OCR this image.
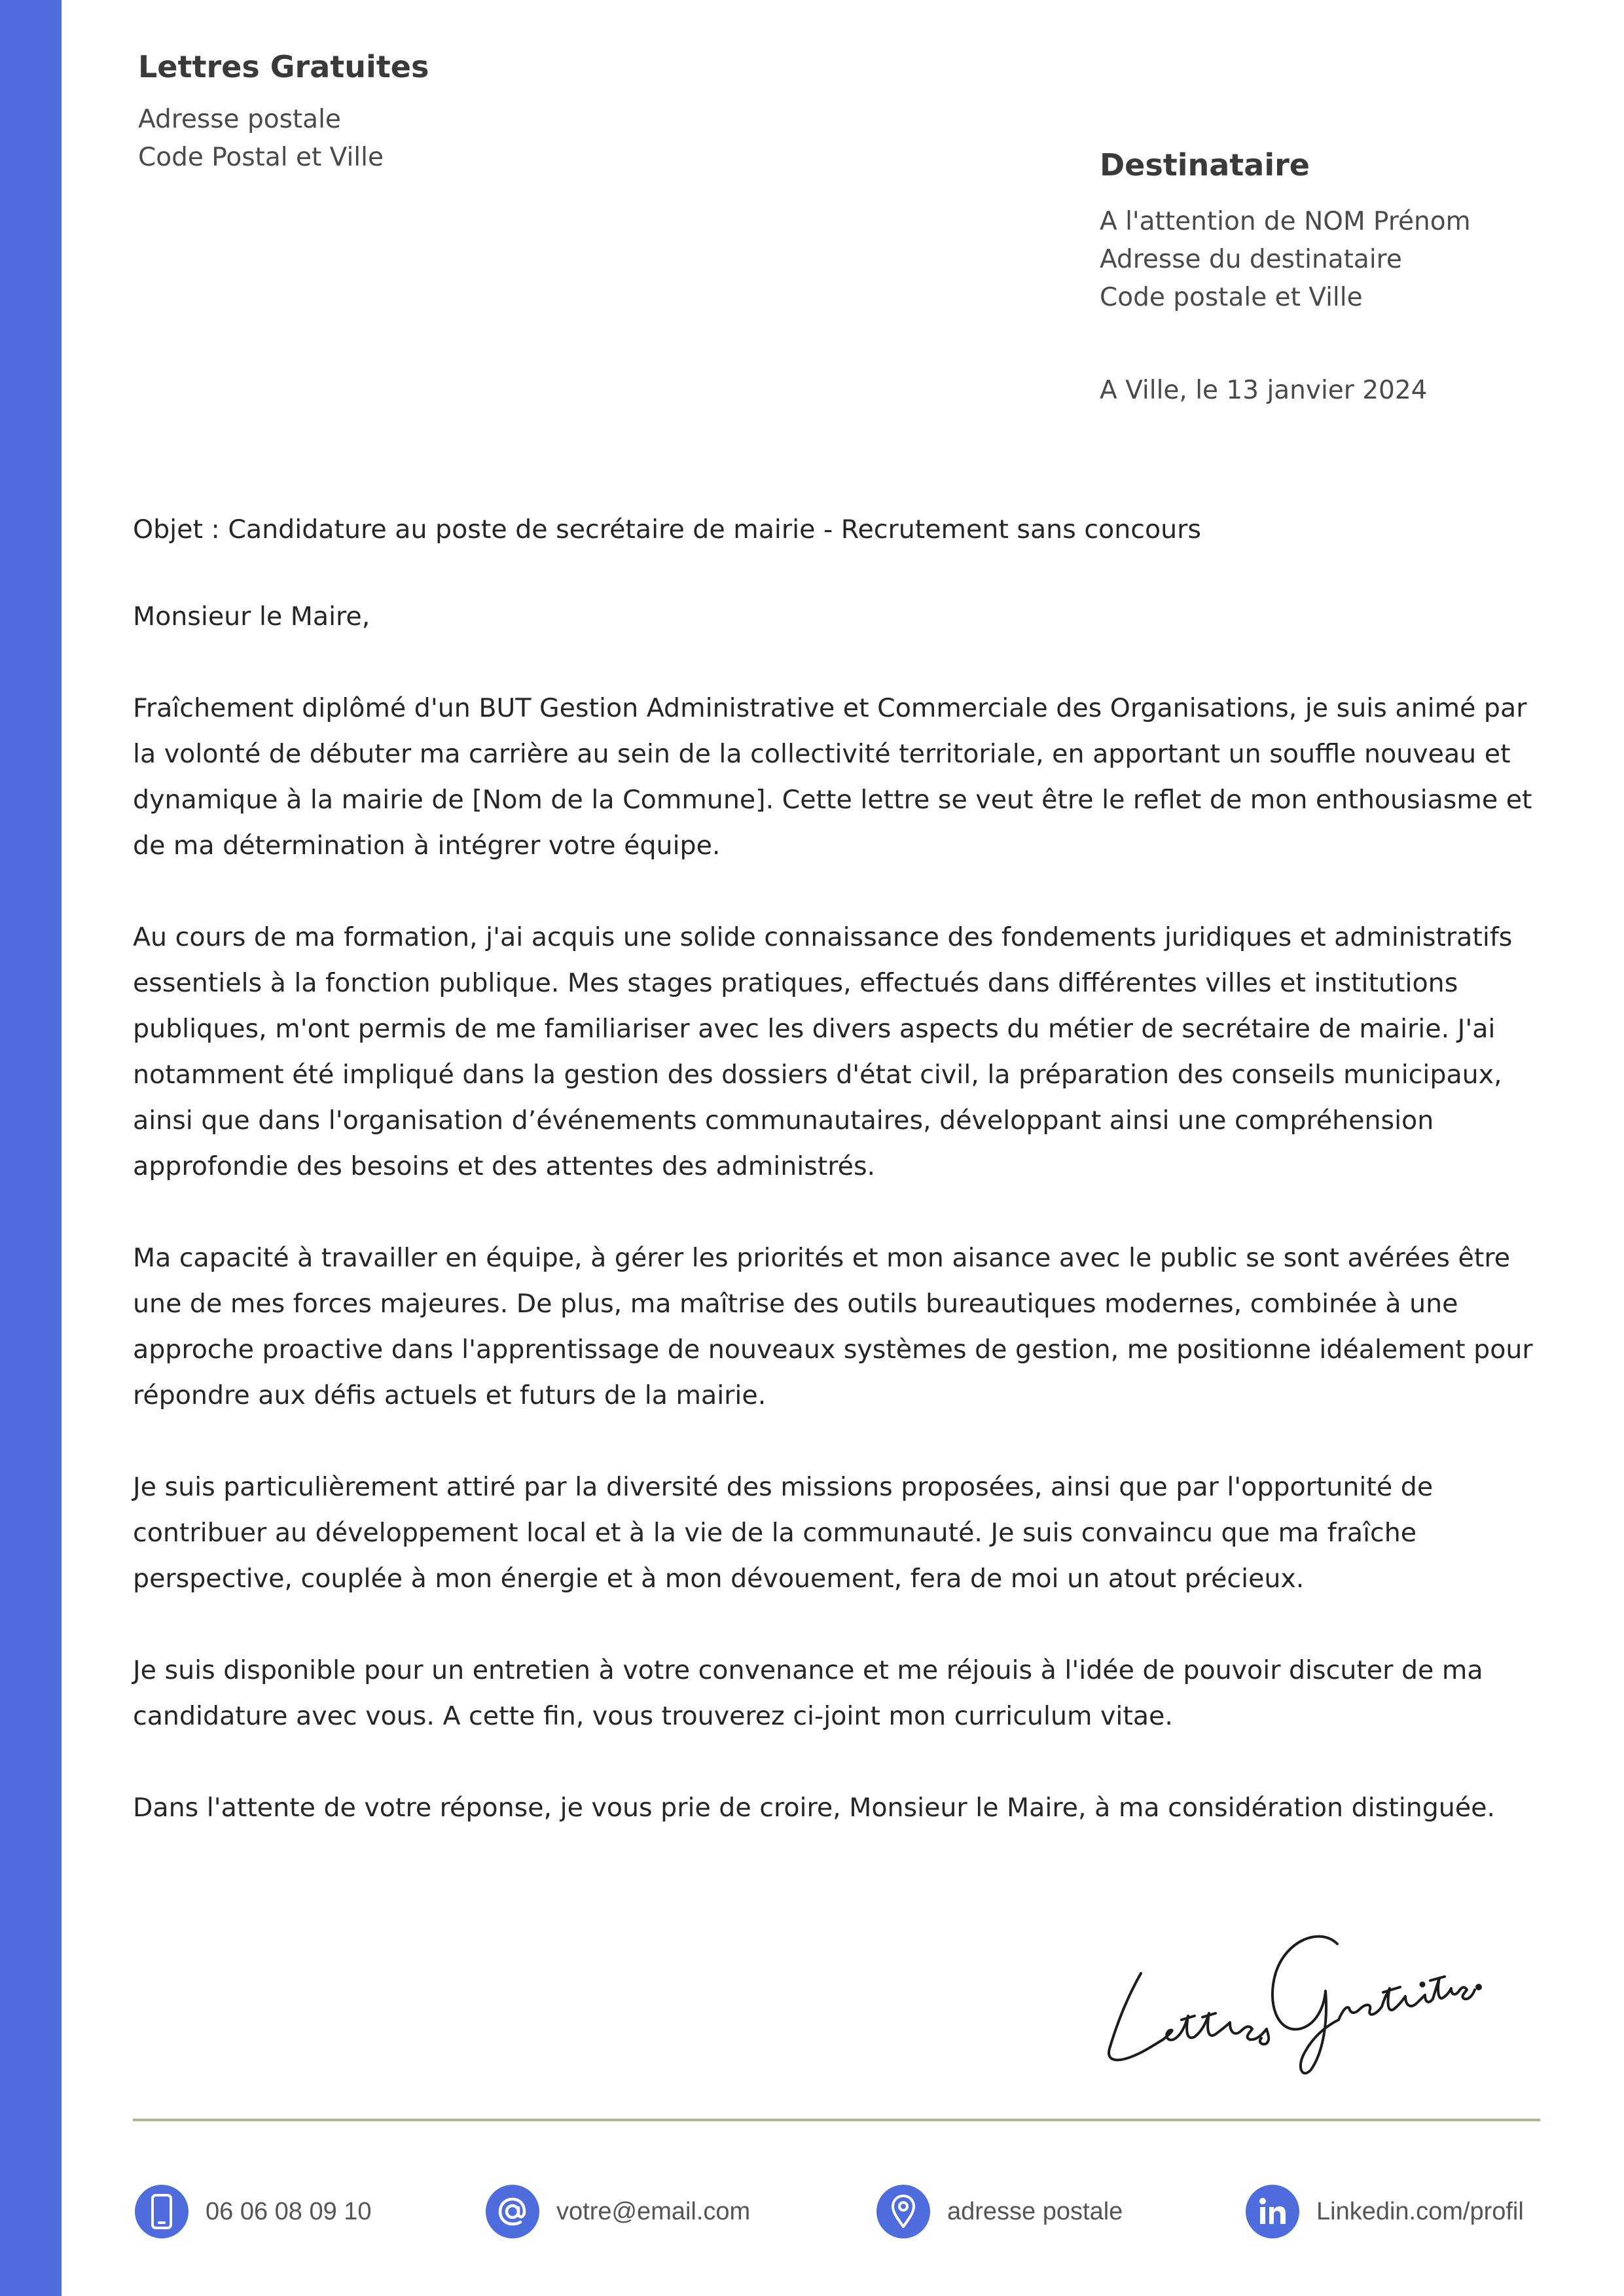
Lettres Gratuites
Adresse postale
Code Postal et Ville	Destinataire
A l'attention de NOM Prénom
Adresse du destinataire
Code postale et Ville
A Ville, le 13 janvier 2024

Objet : Candidature au poste de secrétaire de mairie - Recrutement sans concours

Monsieur le Maire,

Fraîchement diplômé d'un BUT Gestion Administrative et Commerciale des Organisations, je suis animé par la volonté de débuter ma carrière au sein de la collectivité territoriale, en apportant un souffle nouveau et dynamique à la mairie de [Nom de la Commune]. Cette lettre se veut être le reflet de mon enthousiasme et de ma détermination à intégrer votre équipe.

Au cours de ma formation, j'ai acquis une solide connaissance des fondements juridiques et administratifs essentiels à la fonction publique. Mes stages pratiques, effectués dans différentes villes et institutions publiques, m'ont permis de me familiariser avec les divers aspects du métier de secrétaire de mairie. J'ai notamment été impliqué dans la gestion des dossiers d'état civil, la préparation des conseils municipaux, ainsi que dans l'organisation d’événements communautaires, développant ainsi une compréhension approfondie des besoins et des attentes des administrés.

Ma capacité à travailler en équipe, à gérer les priorités et mon aisance avec le public se sont avérées être une de mes forces majeures. De plus, ma maîtrise des outils bureautiques modernes, combinée à une approche proactive dans l'apprentissage de nouveaux systèmes de gestion, me positionne idéalement pour répondre aux défis actuels et futurs de la mairie.

Je suis particulièrement attiré par la diversité des missions proposées, ainsi que par l'opportunité de contribuer au développement local et à la vie de la communauté. Je suis convaincu que ma fraîche perspective, couplée à mon énergie et à mon dévouement, fera de moi un atout précieux.

Je suis disponible pour un entretien à votre convenance et me réjouis à l'idée de pouvoir discuter de ma candidature avec vous. A cette fin, vous trouverez ci-joint mon curriculum vitae.

Dans l'attente de votre réponse, je vous prie de croire, Monsieur le Maire, à ma considération distinguée.

06 06 08 09 10	votre@email.com	adresse postale	Linkedin.com/profil
